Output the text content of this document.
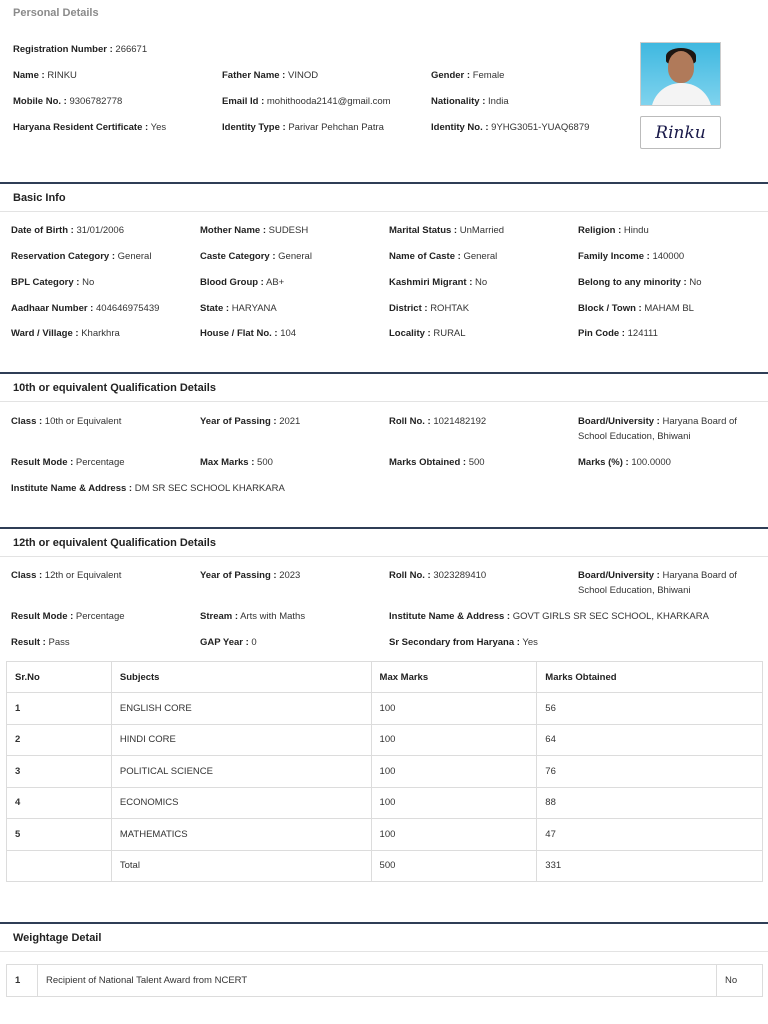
Personal Details
Registration Number : 266671
Name : RINKU	Father Name : VINOD	Gender : Female
Mobile No. : 9306782778	Email Id : mohithooda2141@gmail.com	Nationality : India
Haryana Resident Certificate : Yes	Identity Type : Parivar Pehchan Patra	Identity No. : 9YHG3051-YUAQ6879	Rinku
Basic Info
Date of Birth : 31/01/2006	Mother Name : SUDESH	Marital Status : UnMarried	Religion : Hindu
Reservation Category : General	Caste Category : General	Name of Caste : General	Family Income : 140000
BPL Category : No	Blood Group : AB+	Kashmiri Migrant : No	Belong to any minority : No
Aadhaar Number : 404646975439	State : HARYANA	District : ROHTAK	Block / Town : MAHAM BL
Ward / Village : Kharkhra	House / Flat No. : 104	Locality : RURAL	Pin Code : 124111
10th or equivalent Qualification Details
Class : 10th or Equivalent	Year of Passing : 2021	Roll No. : 1021482192	Board/University : Haryana Board of School Education, Bhiwani
Result Mode : Percentage	Max Marks : 500	Marks Obtained : 500	Marks (%) : 100.0000
Institute Name & Address : DM SR SEC SCHOOL KHARKARA
12th or equivalent Qualification Details
Class : 12th or Equivalent	Year of Passing : 2023	Roll No. : 3023289410	Board/University : Haryana Board of School Education, Bhiwani
Result Mode : Percentage	Stream : Arts with Maths	Institute Name & Address : GOVT GIRLS SR SEC SCHOOL, KHARKARA
Result : Pass	GAP Year : 0	Sr Secondary from Haryana : Yes
Sr.No	Subjects	Max Marks	Marks Obtained
1	ENGLISH CORE	100	56
2	HINDI CORE	100	64
3	POLITICAL SCIENCE	100	76
4	ECONOMICS	100	88
5	MATHEMATICS	100	47
	Total	500	331
Weightage Detail
1	Recipient of National Talent Award from NCERT	No
